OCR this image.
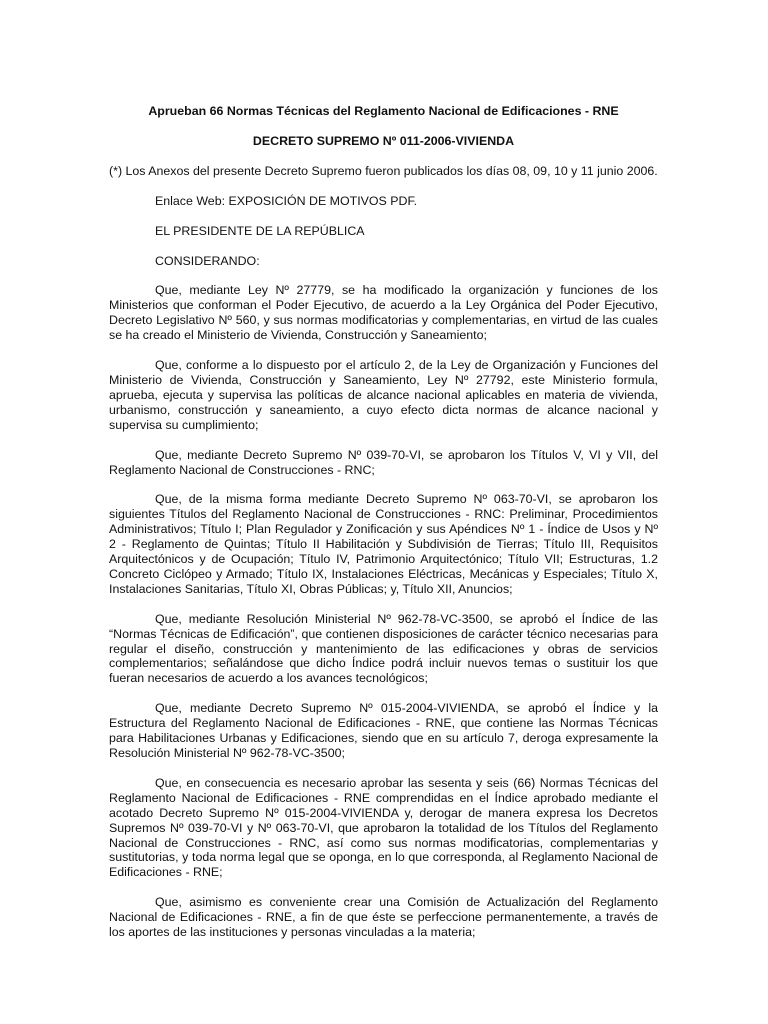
Aprueban 66 Normas Técnicas del Reglamento Nacional de Edificaciones - RNE

DECRETO SUPREMO Nº 011-2006-VIVIENDA

(*) Los Anexos del presente Decreto Supremo fueron publicados los días 08, 09, 10 y 11 junio 2006.

Enlace Web: EXPOSICIÓN DE MOTIVOS PDF.

EL PRESIDENTE DE LA REPÚBLICA

CONSIDERANDO:

Que, mediante Ley Nº 27779, se ha modificado la organización y funciones de los Ministerios que conforman el Poder Ejecutivo, de acuerdo a la Ley Orgánica del Poder Ejecutivo, Decreto Legislativo Nº 560, y sus normas modificatorias y complementarias, en virtud de las cuales se ha creado el Ministerio de Vivienda, Construcción y Saneamiento;

Que, conforme a lo dispuesto por el artículo 2, de la Ley de Organización y Funciones del Ministerio de Vivienda, Construcción y Saneamiento, Ley Nº 27792, este Ministerio formula, aprueba, ejecuta y supervisa las políticas de alcance nacional aplicables en materia de vivienda, urbanismo, construcción y saneamiento, a cuyo efecto dicta normas de alcance nacional y supervisa su cumplimiento;

Que, mediante Decreto Supremo Nº 039-70-VI, se aprobaron los Títulos V, VI y VII, del Reglamento Nacional de Construcciones - RNC;

Que, de la misma forma mediante Decreto Supremo Nº 063-70-VI, se aprobaron los siguientes Títulos del Reglamento Nacional de Construcciones - RNC: Preliminar, Procedimientos Administrativos; Título I; Plan Regulador y Zonificación y sus Apéndices Nº 1 - Índice de Usos y Nº 2 - Reglamento de Quintas; Título II Habilitación y Subdivisión de Tierras; Título III, Requisitos Arquitectónicos y de Ocupación; Título IV, Patrimonio Arquitectónico; Título VII; Estructuras, 1.2 Concreto Ciclópeo y Armado; Título IX, Instalaciones Eléctricas, Mecánicas y Especiales; Título X, Instalaciones Sanitarias, Título XI, Obras Públicas; y, Título XII, Anuncios;

Que, mediante Resolución Ministerial Nº 962-78-VC-3500, se aprobó el Índice de las “Normas Técnicas de Edificación”, que contienen disposiciones de carácter técnico necesarias para regular el diseño, construcción y mantenimiento de las edificaciones y obras de servicios complementarios; señalándose que dicho Índice podrá incluir nuevos temas o sustituir los que fueran necesarios de acuerdo a los avances tecnológicos;

Que, mediante Decreto Supremo Nº 015-2004-VIVIENDA, se aprobó el Índice y la Estructura del Reglamento Nacional de Edificaciones - RNE, que contiene las Normas Técnicas para Habilitaciones Urbanas y Edificaciones, siendo que en su artículo 7, deroga expresamente la Resolución Ministerial Nº 962-78-VC-3500;

Que, en consecuencia es necesario aprobar las sesenta y seis (66) Normas Técnicas del Reglamento Nacional de Edificaciones - RNE comprendidas en el Índice aprobado mediante el acotado Decreto Supremo Nº 015-2004-VIVIENDA y, derogar de manera expresa los Decretos Supremos Nº 039-70-VI y Nº 063-70-VI, que aprobaron la totalidad de los Títulos del Reglamento Nacional de Construcciones - RNC, así como sus normas modificatorias, complementarias y sustitutorias, y toda norma legal que se oponga, en lo que corresponda, al Reglamento Nacional de Edificaciones - RNE;

Que, asimismo es conveniente crear una Comisión de Actualización del Reglamento Nacional de Edificaciones - RNE, a fin de que éste se perfeccione permanentemente, a través de los aportes de las instituciones y personas vinculadas a la materia;
